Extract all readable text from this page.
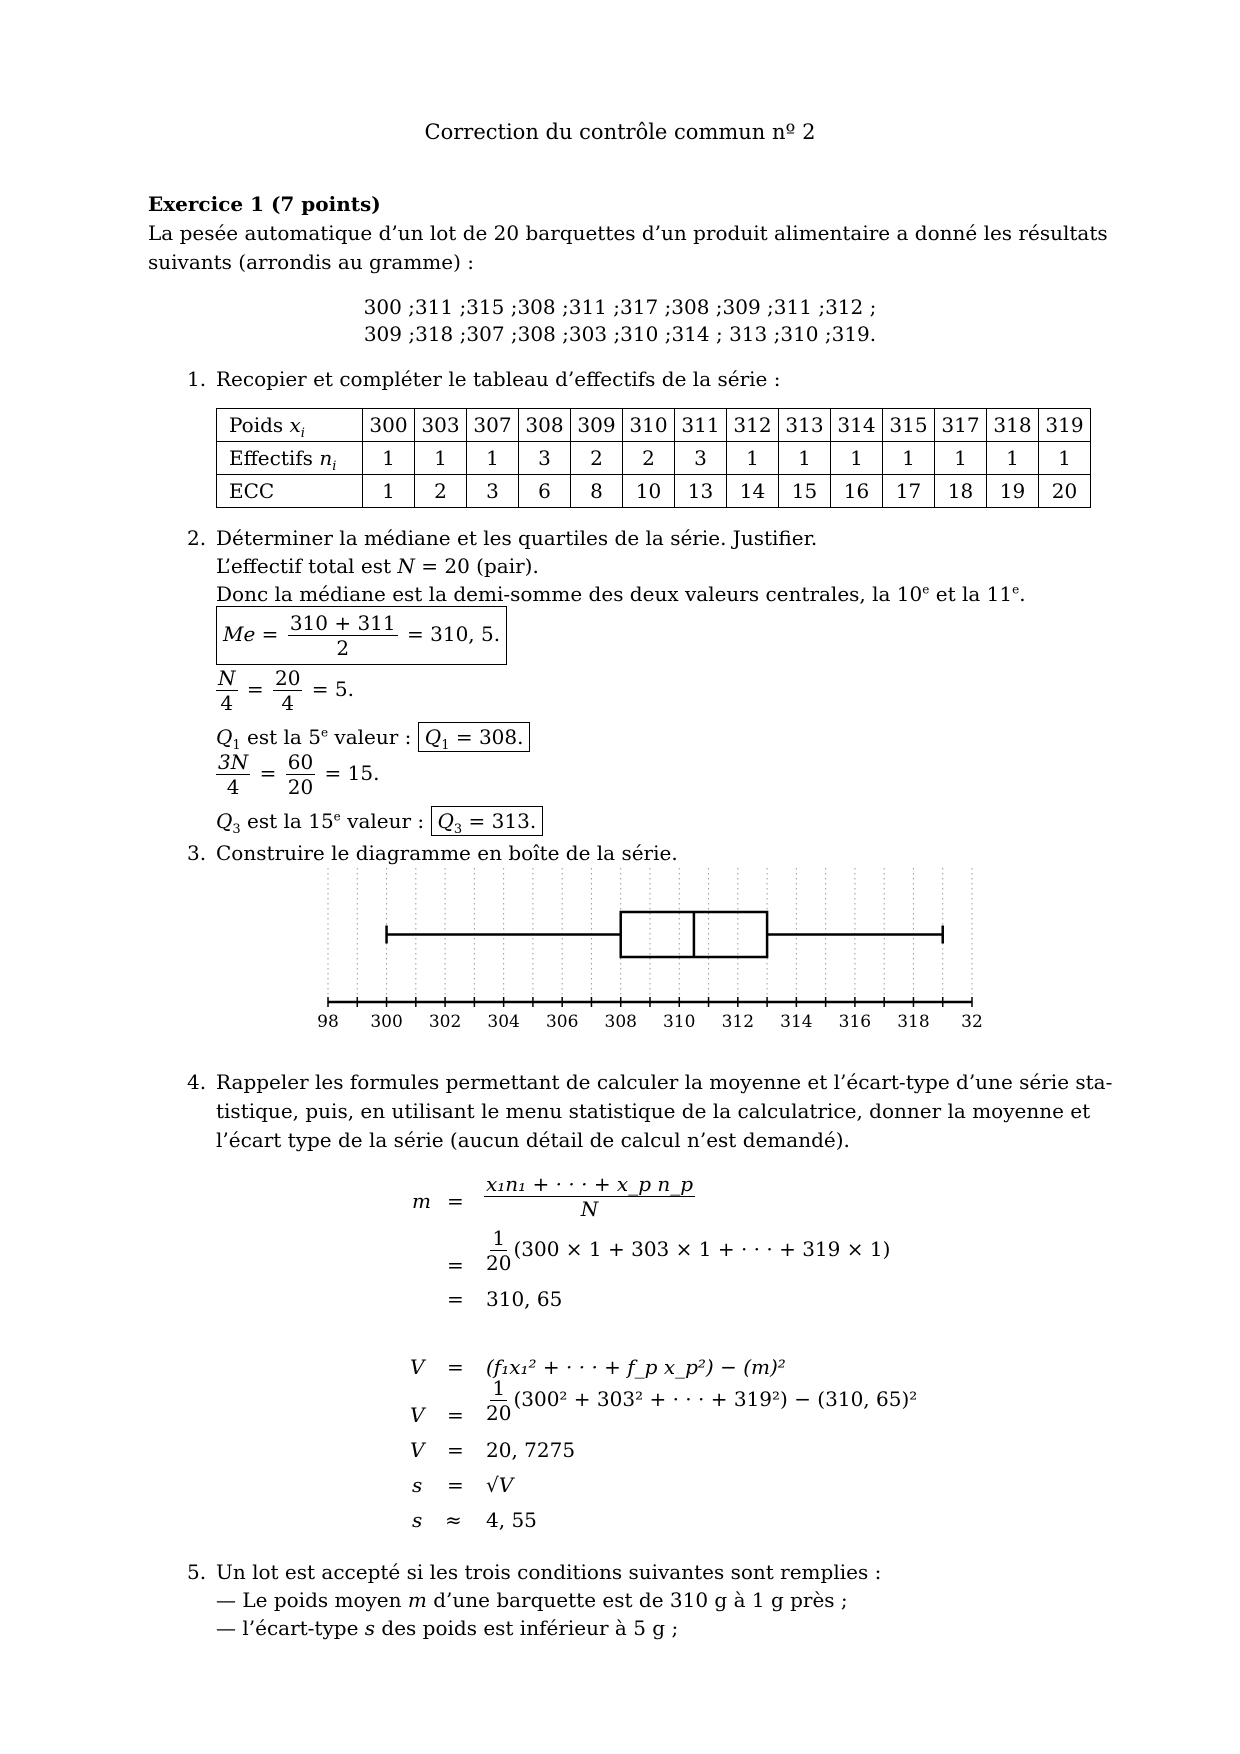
Correction du contrôle commun nº 2
Exercice 1 (7 points)
La pesée automatique d’un lot de 20 barquettes d’un produit alimentaire a donné les résultats
suivants (arrondis au gramme) :
300 ;311 ;315 ;308 ;311 ;317 ;308 ;309 ;311 ;312 ;
309 ;318 ;307 ;308 ;303 ;310 ;314 ; 313 ;310 ;319.
1. Recopier et compléter le tableau d’effectifs de la série :
Poids $x_i$	300	303	307	308	309	310	311	312	313	314	315	317	318	319
Effectifs $n_i$	1	1	1	3	2	2	3	1	1	1	1	1	1	1
ECC	1	2	3	6	8	10	13	14	15	16	17	18	19	20
2. Déterminer la médiane et les quartiles de la série. Justifier.
L’effectif total est N = 20 (pair).
Donc la médiane est la demi-somme des deux valeurs centrales, la 10e et la 11e.
$Me = \frac{310 + 311}{2} = 310$, 5.
$\frac{N}{4} = \frac{20}{4} = 5$.
$Q_1$ est la 5e valeur : $Q_1 = 308$.
$\frac{3N}{4} = \frac{60}{20} = 15$.
$Q_3$ est la 15e valeur : $Q_3 = 313$.
3. Construire le diagramme en boîte de la série.
98 300 302 304 306 308 310 312 314 316 318 32
4. Rappeler les formules permettant de calculer la moyenne et l’écart-type d’une série sta-
tistique, puis, en utilisant le menu statistique de la calculatrice, donner la moyenne et
l’écart type de la série (aucun détail de calcul n’est demandé).
$m = \frac{\text{x₁n₁ + · · · + x\_p n\_p}}{N}$
= $\frac{1}{20} (300 \times 1 + 303 \times 1$ + · · · + 319 × 1)
= 310, 65
V = (f₁x₁² + · · · + f_p x_p²) − (m)²
$V = \frac{1}{20} (300^2 + 303^2$ + · · · + 319²) − (310, 65)²
V = 20, 7275
s = √V
s ≈ 4, 55
5. Un lot est accepté si les trois conditions suivantes sont remplies :
— Le poids moyen m d’une barquette est de 310 g à 1 g près ;
— l’écart-type s des poids est inférieur à 5 g ;
